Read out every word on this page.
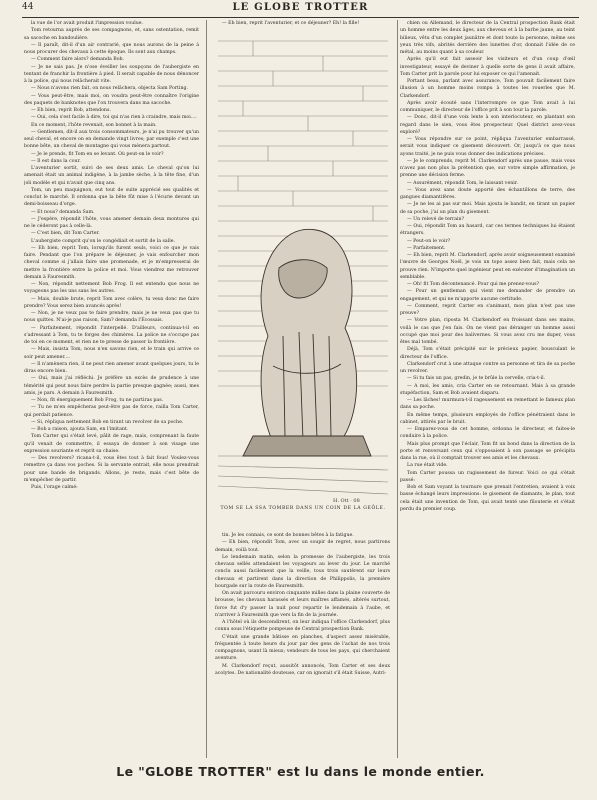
LE GLOBE TROTTER
44

la vue de l'or avait produit l'impression voulue.

Tom retourna auprès de ses compagnons, et, sans ostentation, remit sa sacoche en bandoulière.

— Il paraît, dit-il d'un air contrarié, que nous aurons de la peine à nous procurer des chevaux à cette époque. Ils sont aux champs.

— Comment faire alors? demanda Bob.

— Je ne sais pas. Je n'ose éveiller les soupçons de l'aubergiste en tentant de franchir la frontière à pied. Il serait capable de nous dénoncer à la police, qui nous relâcherait vite.

— Nous n'avons rien fait, on nous relâchera, objecta Sam Porting.

— Vous peut-être, mais moi, on voudra peut-être connaître l'origine des paquets de banknotes que l'on trouvera dans ma sacoche.

— Eh bien, reprit Bob, attendons.

— Oui, cela s'est facile à dire, toi qui n'as rien à craindre, mais moi....

En ce moment, l'hôte revenait, son bonnet à la main.

— Gentlemen, dit-il aux trois consommateurs, je n'ai pu trouver qu'un seul cheval, et encore on en demande vingt livres; par exemple c'est une bonne bête, un cheval de montagne qui vous mènera partout.

— Je le prends, fit Tom en se levant. Où peut-on le voir?

— Il est dans la cour.

L'aventurier sortit, suivi de ses deux amis. Le cheval qu'on lui amenait était un animal indigène, à la jambe sèche, à la tête fine, d'un joli modèle et qui n'avait que cinq ans.

Tom, un peu maquignon, eut tout de suite apprécié ses qualités et conclut le marché. Il ordonna que la bête fût mise à l'écurie devant un demi-boisseau d'orge.

— Et nous? demanda Sam.

— J'espère, répondit l'hôte, vous amener demain deux montures qui ne le céderont pas à celle-là.

— C'est bien, dit Tom Carter.

L'aubergiste comprit qu'on le congédiait et sortit de la salle.

— Eh bien, reprit Tom, lorsqu'ils furent seuls, voici ce que je vais faire. Pendant que l'on prépare le déjeuner, je vais enfourcher mon cheval comme si j'allais faire une promenade, et je m'empresserai de mettre la frontière entre la police et moi. Vous viendrez me retrouver demain à Fauresmith.

— Non, répondit nettement Bob Frog. Il est entendu que nous ne voyageons pas les uns sans les autres.

— Mais, double brute, reprit Tom avec colère, tu veux donc me faire prendre? Vous serez bien avancés après!

— Non, je ne veux pas te faire prendre, mais je ne veux pas que tu nous quittes. N'ai-je pas raison, Sam? demanda l'Écossais.

— Parfaitement, répondit l'interpellé. D'ailleurs, continua-t-il en s'adressant à Tom, tu te forges des chimères. La police ne s'occupe pas de toi en ce moment, et rien ne te presse de passer la frontière.

— Mais, insista Tom, nous n'en savons rien, et le train qui arrive ce soir peut amener....

— Il n'amènera rien, il ne peut rien amener avant quelques jours, tu le diras encore bien.

— Oui, mais j'ai réfléchi. Je préfère un excès de prudence à une témérité qui peut nous faire perdre la partie presque gagnée; aussi, mes amis, je pars. A demain à Fauresmith.

— Non, fit énergiquement Bob Frog, tu ne partiras pas.

— Tu ne m'en empêcheras peut-être pas de force, railla Tom Carter, qui perdait patience.

— Si, répliqua nettement Bob en tirant un revolver de sa poche.

— Bob a raison, ajouta Sam, en l'imitant.

Tom Carter qui s'était levé, pâlit de rage, mais, comprenant la faute qu'il venait de commettre, il essaya de donner à son visage une expression souriante et reprit sa chaise.

— Des revolvers? ricana-t-il, vous êtes tout à fait fous! Voulez-vous remettre ça dans vos poches. Si la servante entrait, elle nous prendrait pour une bande de brigands. Allons, je reste, mais c'est bête de m'empêcher de partir.

Puis, l'orage calmé:

— Eh bien, reprit l'aventurier, et ce déjeuner? Eh! la fille!

H. Ott · 08
TOM SE LA SSA TOMBER DANS UN COIN DE LA GEÔLE.

tin. Je les connais, ce sont de bonnes bêtes à la fatigue.

— Eh bien, répondit Tom, avec un soupir de regret, nous partirons demain, voilà tout.

Le lendemain matin, selon la promesse de l'aubergiste, les trois chevaux sellés attendaient les voyageurs au lever du jour. Le marché conclu aussi facilement que la veille, tous trois sautèrent sur leurs chevaux et partirent dans la direction de Philippolis, la première bourgade sur la route de Fauresmith.

On avait parcouru environ cinquante milles dans la plaine couverte de brousse, les chevaux harassés et leurs maîtres affamés, altérés surtout, force fut d'y passer la nuit pour repartir le lendemain à l'aube, et n'arriver à Fauresmith que vers la fin de la journée.

A l'hôtel où ils descendirent, on leur indiqua l'office Clarkendorf, plus connu sous l'étiquette pompeuse de Central prospection Bank.

C'était une grande bâtisse en planches, d'aspect assez misérable, fréquentée à toute heure du jour par des gens de l'achat de nos trois compagnons, usant là mieux; vendeurs de tous les pays, qui cherchaient aventure.

M. Clarkendorf reçut, aussitôt annoncés, Tom Carter et ses deux acolytes. De nationalité douteuse, car on ignorait s'il était Suisse, Autri-

chien ou Allemand, le directeur de la Central prospection Bank était un homme entre les deux âges, aux cheveux et à la barbe jaune, au teint bilieux, vêtu d'un complet jaunâtre et dont toute la personne, même ses yeux très vifs, abrités derrière des lunettes d'or, donnait l'idée de ce métal, au moins quant à sa couleur.

Après qu'il eut fait asseoir les visiteurs et d'un coup d'œil investigateur, essayé de deviner à quelle sorte de gens il avait affaire, Tom Carter prit la parole pour lui exposer ce qui l'amenait.

Portant beau, parlant avec assurance, Tom pouvait facilement faire illusion à un homme moins rompu à toutes les rouerles que M. Clarkendorf.

Après avoir écouté sans l'interrompre ce que Tom avait à lui communiquer, le directeur de l'office prit à son tour la parole.

— Donc, dit-il d'une voix lente à son interlocuteur, en plantant son regard dans le sien, vous êtes prospecteur. Quel district avez-vous exploré?

— Vous répondre sur ce point, répliqua l'aventurier embarrassé, serait vous indiquer ce gisement découvert. Or, jusqu'à ce que nous ayons traité, je ne puis vous donner des indications précises.

— Je le comprends, reprit M. Clarkendorf après une pause, mais vous n'avez pas non plus la prétention que, sur votre simple affirmation, je prenne une décision ferme.

— Assurément, répondit Tom, le laissant venir.

— Vous avez sans doute apporté des échantillons de terre, des gangues diamantifères.

— Je ne les ai pas sur moi. Mais ajouta le bandit, en tirant un papier de sa poche, j'ai un plan du gisement.

— Un relevé de terrain?

— Oui, répondit Tom au hasard, car ces termes techniques lui étaient étrangers.

— Peut-on le voir?

— Parfaitement.

— Eh bien, reprit M. Clarkendorf, après avoir soigneusement examiné l'œuvre de Georges Noël, je vois un topo assez bien fait, mais cela ne prouve rien. N'importe quel ingénieur peut en exécuter d'imagination un semblable.

— Oh! fit Tom décontenancé. Pour qui me prenez-vous?

— Pour un gentleman qui vient me demander de prendre un engagement, et qui ne m'apporte aucune certitude.

— Comment, reprit Carter en s'animant, mon plan n'est pas une preuve?

— Votre plan, riposta M. Clarkendorf en froissant dans ses mains, voilà le cas que j'en fais. On ne vient pas déranger un homme aussi occupé que moi pour des balivernes. Si vous avez cru me duper, vous êtes mal tombé.

Déjà, Tom s'était précipité sur le précieux papier, bousculant le directeur de l'office.

Clarkendorf crut à une attaque contre sa personne et tira de sa poche un revolver.

— Si tu fais un pas, gredin, je te brûle la cervelle, cria-t-il.

— A moi, les amis, cria Carter en se retournant. Mais à sa grande stupéfaction, Sam et Bob avaient disparu.

— Les lâches! murmura-t-il rageusement en remettant le fameux plan dans sa poche.

En même temps, plusieurs employés de l'office pénétraient dans le cabinet, attirés par le bruit.

— Emparez-vous de cet homme, ordonna le directeur, et faites-le conduire à la police.

Mais plus prompt que l'éclair, Tom fit un bond dans la direction de la porte et renversant ceux qui s'opposaient à son passage se précipita dans la rue, où il comptait trouver ses amis et les chevaux.

La rue était vide.

Tom Carter poussa un rugissement de fureur. Voici ce qui s'était passé:

Bob et Sam voyant la tournure que prenait l'entretien, avaient à voix basse échangé leurs impressions: le gisement de diamants, le plan, tout cela était une invention de Tom, qui avait tenté une filouterie et s'était perdu du premier coup.

Le "GLOBE TROTTER" est lu dans le monde entier.
